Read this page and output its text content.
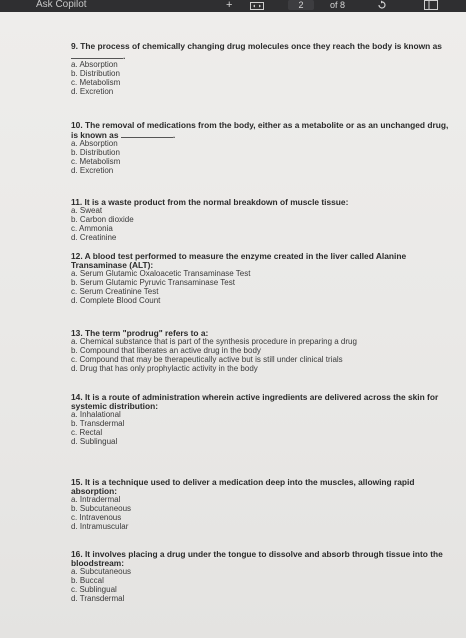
Ask Copilot	+	2	of 8
9. The process of chemically changing drug molecules once they reach the body is known as .
a. Absorption
b. Distribution
c. Metabolism
d. Excretion
10. The removal of medications from the body, either as a metabolite or as an unchanged drug, is known as	.
a. Absorption
b. Distribution
c. Metabolism
d. Excretion
11. It is a waste product from the normal breakdown of muscle tissue:
a. Sweat
b. Carbon dioxide
c. Ammonia
d. Creatinine
12. A blood test performed to measure the enzyme created in the liver called Alanine Transaminase (ALT):
a. Serum Glutamic Oxaloacetic Transaminase Test
b. Serum Glutamic Pyruvic Transaminase Test
c. Serum Creatinine Test
d. Complete Blood Count
13. The term "prodrug" refers to a:
a. Chemical substance that is part of the synthesis procedure in preparing a drug
b. Compound that liberates an active drug in the body
c. Compound that may be therapeutically active but is still under clinical trials
d. Drug that has only prophylactic activity in the body
14. It is a route of administration wherein active ingredients are delivered across the skin for systemic distribution:
a. Inhalational
b. Transdermal
c. Rectal
d. Sublingual
15. It is a technique used to deliver a medication deep into the muscles, allowing rapid absorption:
a. Intradermal
b. Subcutaneous
c. Intravenous
d. Intramuscular
16. It involves placing a drug under the tongue to dissolve and absorb through tissue into the bloodstream:
a. Subcutaneous
b. Buccal
c. Sublingual
d. Transdermal
